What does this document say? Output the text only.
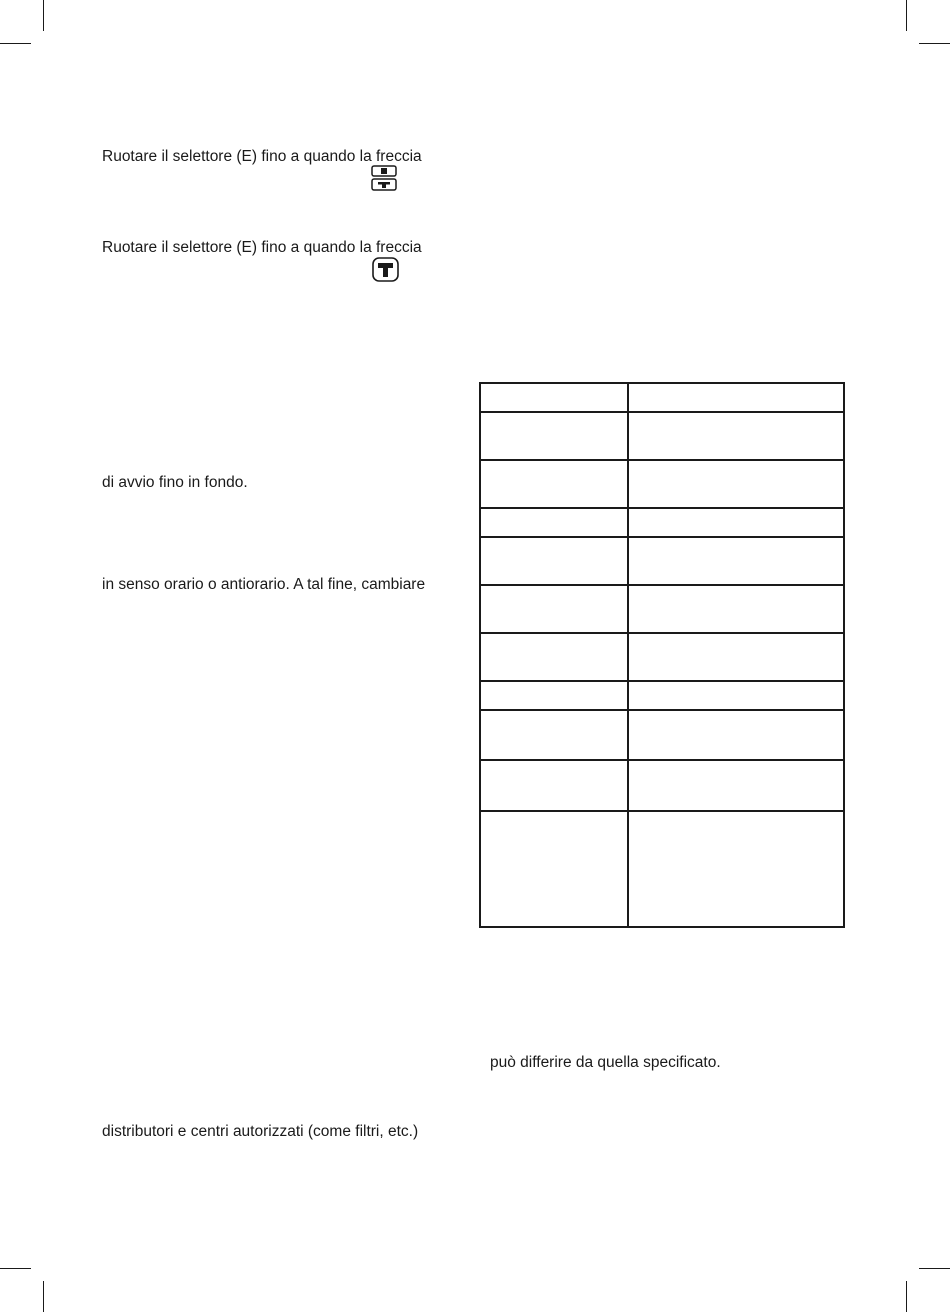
Ruotare il selettore (E) fino a quando la freccia
Ruotare il selettore (E) fino a quando la freccia
di avvio fino in fondo.
in senso orario o antiorario. A tal fine, cambiare
distributori e centri autorizzati (come filtri, etc.)

può differire da quella specificato.
